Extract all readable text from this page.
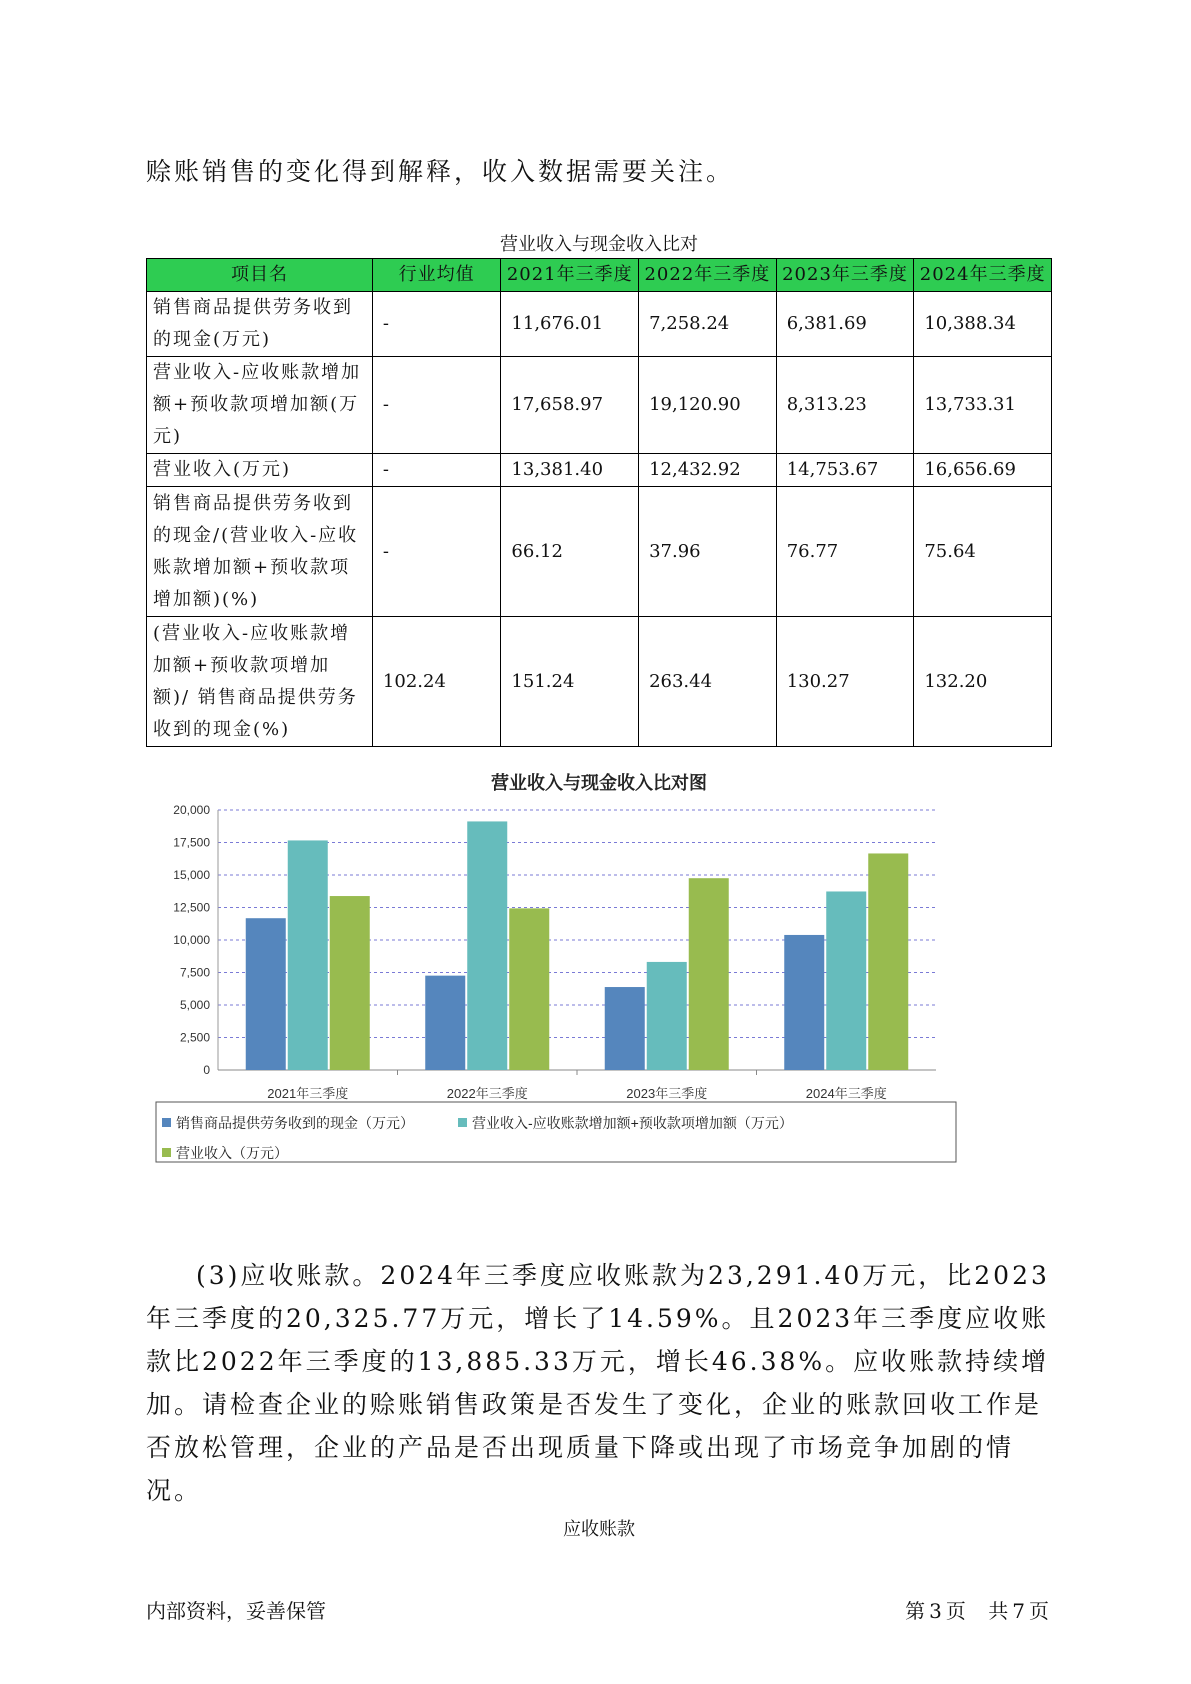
赊账销售的变化得到解释，收入数据需要关注。

营业收入与现金收入比对
项目名	行业均值	2021年三季度	2022年三季度	2023年三季度	2024年三季度
销售商品提供劳务收到的现金(万元)	-	11,676.01	7,258.24	6,381.69	10,388.34
营业收入-应收账款增加额+预收款项增加额(万元)	-	17,658.97	19,120.90	8,313.23	13,733.31
营业收入(万元)	-	13,381.40	12,432.92	14,753.67	16,656.69
销售商品提供劳务收到的现金/(营业收入-应收账款增加额+预收款项增加额)(%)	-	66.12	37.96	76.77	75.64
(营业收入-应收账款增加额+预收款项增加额)/ 销售商品提供劳务收到的现金(%)	102.24	151.24	263.44	130.27	132.20
营业收入与现金收入比对图
0
2,500
5,000
7,500
10,000
12,500
15,000
17,500
20,000
2021年三季度	2022年三季度	2023年三季度	2024年三季度
销售商品提供劳务收到的现金（万元）	营业收入-应收账款增加额+预收款项增加额（万元）
营业收入（万元）

(3)应收账款。2024年三季度应收账款为23,291.40万元，比2023年三季度的20,325.77万元，增长了14.59%。且2023年三季度应收账款比2022年三季度的13,885.33万元，增长46.38%。应收账款持续增加。请检查企业的赊账销售政策是否发生了变化，企业的账款回收工作是否放松管理，企业的产品是否出现质量下降或出现了市场竞争加剧的情况。

应收账款
内部资料，妥善保管	第 3 页 共 7 页
